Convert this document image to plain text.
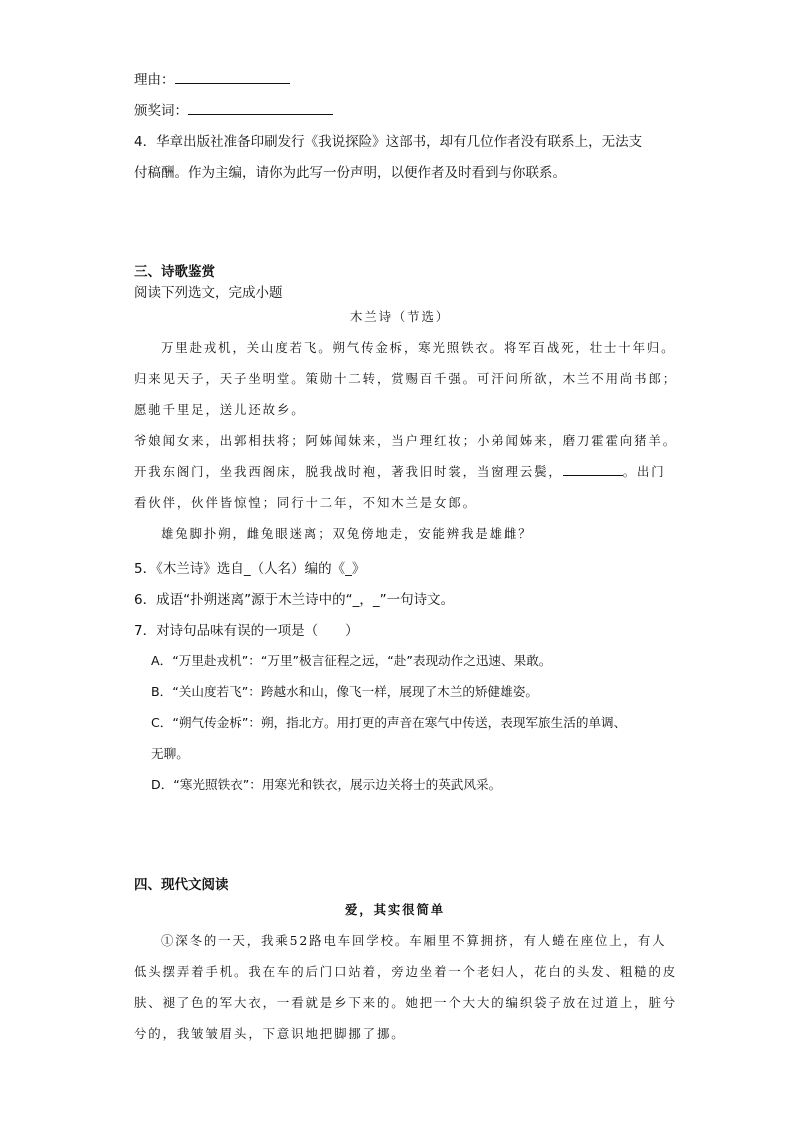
理由：
颁奖词：
4．华章出版社准备印刷发行《我说探险》这部书，却有几位作者没有联系上，无法支
付稿酬。作为主编，请你为此写一份声明，以便作者及时看到与你联系。
三、诗歌鉴赏
阅读下列选文，完成小题
木兰诗（节选）
万里赴戎机，关山度若飞。朔气传金柝，寒光照铁衣。将军百战死，壮士十年归。
归来见天子，天子坐明堂。策勋十二转，赏赐百千强。可汗问所欲，木兰不用尚书郎；
愿驰千里足，送儿还故乡。
爷娘闻女来，出郭相扶将；阿姊闻妹来，当户理红妆；小弟闻姊来，磨刀霍霍向猪羊。
开我东阁门，坐我西阁床，脱我战时袍，著我旧时裳，当窗理云鬓，	。出门
看伙伴，伙伴皆惊惶；同行十二年，不知木兰是女郎。
雄兔脚扑朔，雌兔眼迷离；双兔傍地走，安能辨我是雄雌？
5．《木兰诗》选自_（人名）编的《_》
6．成语“扑朔迷离”源于木兰诗中的“_，_”一句诗文。
7．对诗句品味有误的一项是（　　）
A．“万里赴戎机”：“万里”极言征程之远，“赴”表现动作之迅速、果敢。
B．“关山度若飞”：跨越水和山，像飞一样，展现了木兰的矫健雄姿。
C．“朔气传金柝”：朔，指北方。用打更的声音在寒气中传送，表现军旅生活的单调、
无聊。
D．“寒光照铁衣”：用寒光和铁衣，展示边关将士的英武风采。
四、现代文阅读
爱，其实很简单
①深冬的一天，我乘52路电车回学校。车厢里不算拥挤，有人蜷在座位上，有人
低头摆弄着手机。我在车的后门口站着，旁边坐着一个老妇人，花白的头发、粗糙的皮
肤、褪了色的军大衣，一看就是乡下来的。她把一个大大的编织袋子放在过道上，脏兮
兮的，我皱皱眉头，下意识地把脚挪了挪。
